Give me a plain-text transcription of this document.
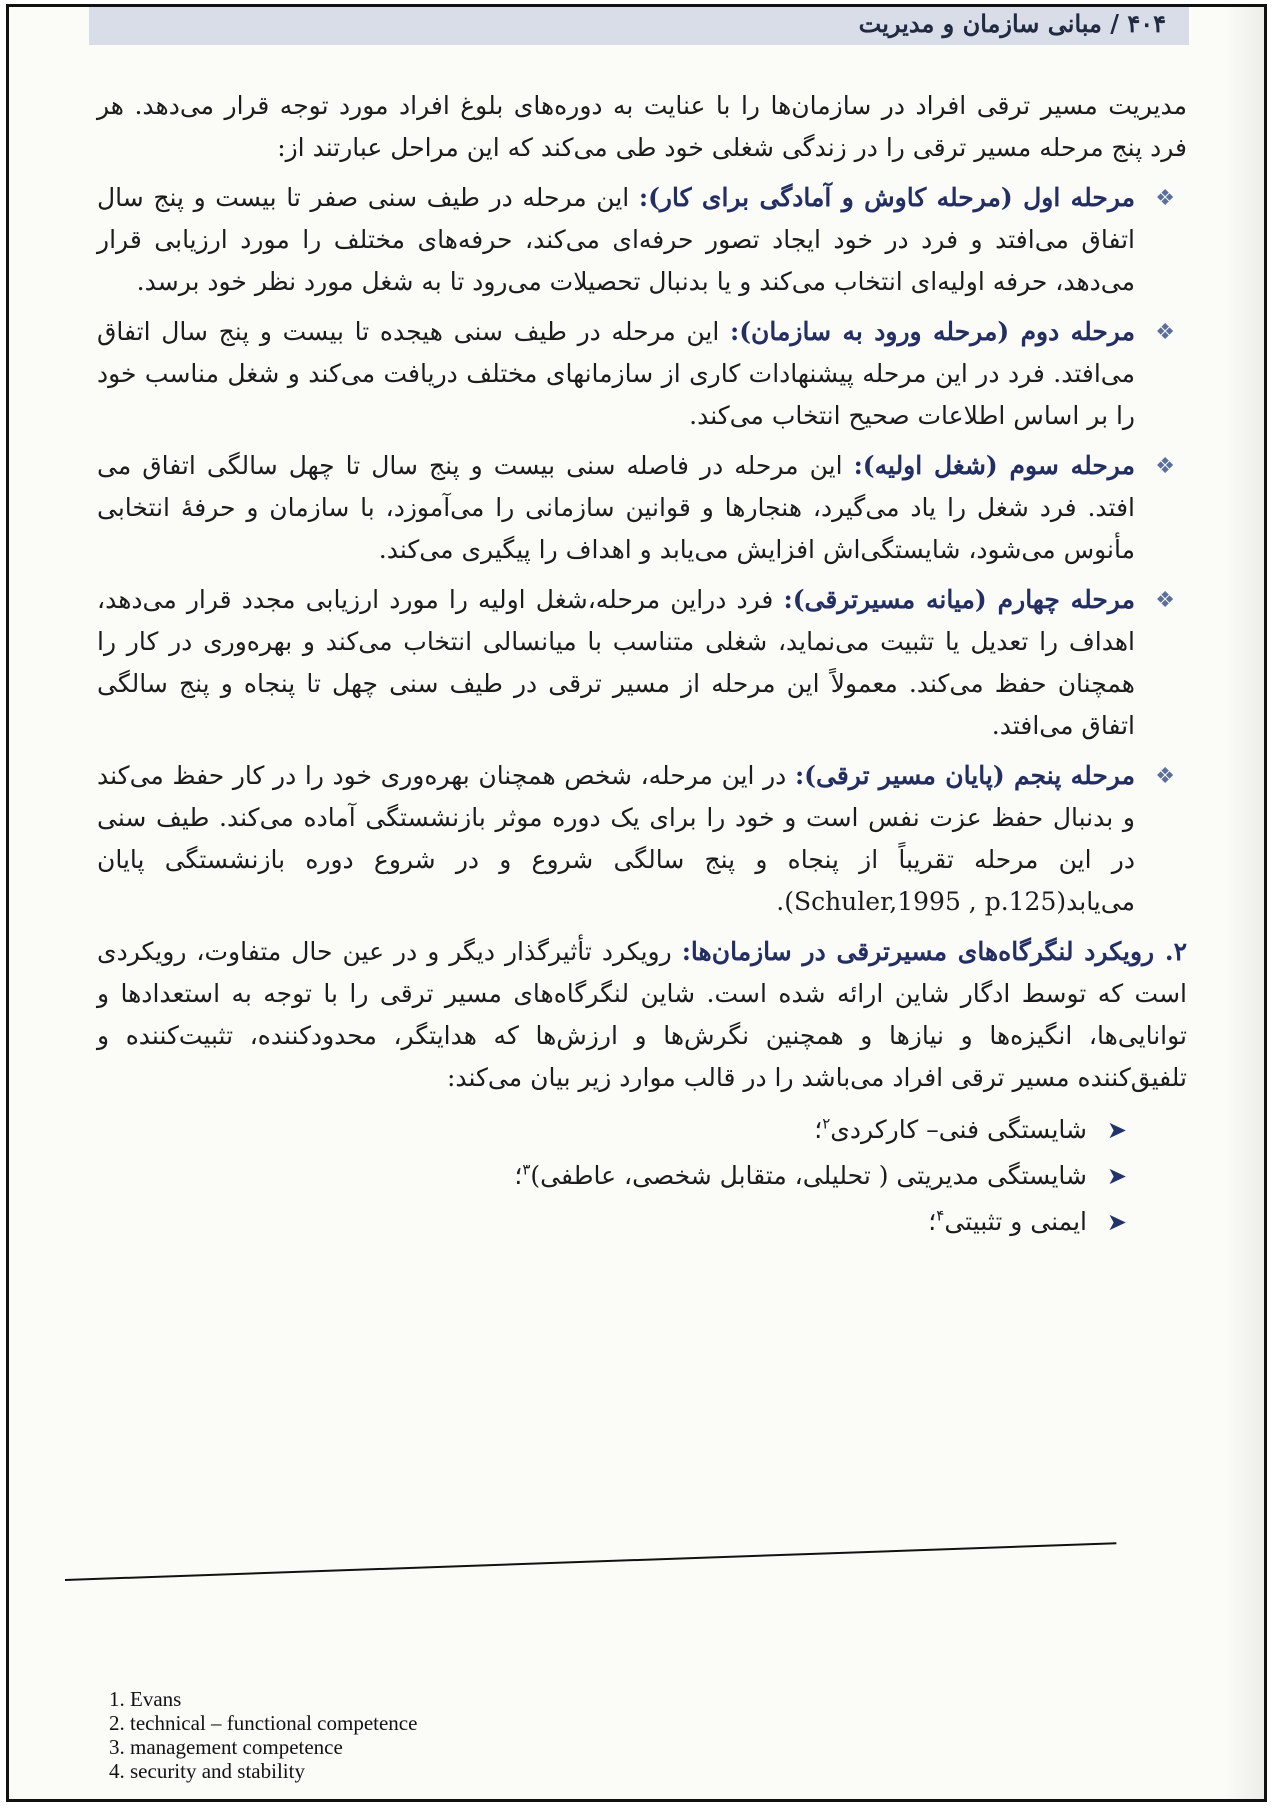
۴۰۴ / مبانی سازمان و مدیریت

مدیریت مسیر ترقی افراد در سازمان‌ها را با عنایت به دوره‌های بلوغ افراد مورد توجه قرار می‌دهد. هر فرد پنج مرحله مسیر ترقی را در زندگی شغلی خود طی می‌کند که این مراحل عبارتند از:

❖
مرحله اول (مرحله کاوش و آمادگی برای کار): این مرحله در طیف سنی صفر تا بیست و پنج سال اتفاق می‌افتد و فرد در خود ایجاد تصور حرفه‌ای می‌کند، حرفه‌های مختلف را مورد ارزیابی قرار می‌دهد، حرفه اولیه‌ای انتخاب می‌کند و یا بدنبال تحصیلات می‌رود تا به شغل مورد نظر خود برسد.
❖
مرحله دوم (مرحله ورود به سازمان): این مرحله در طیف سنی هیجده تا بیست و پنج سال اتفاق می‌افتد. فرد در این مرحله پیشنهادات کاری از سازمانهای مختلف دریافت می‌کند و شغل مناسب خود را بر اساس اطلاعات صحیح انتخاب می‌کند.
❖
مرحله سوم (شغل اولیه): این مرحله در فاصله سنی بیست و پنج سال تا چهل سالگی اتفاق می افتد. فرد شغل را یاد می‌گیرد، هنجارها و قوانین سازمانی را می‌آموزد، با سازمان و حرفهٔ انتخابی مأنوس می‌شود، شایستگی‌اش افزایش می‌یابد و اهداف را پیگیری می‌کند.
❖
مرحله چهارم (میانه مسیرترقی): فرد دراین مرحله،شغل اولیه را مورد ارزیابی مجدد قرار می‌دهد، اهداف را تعدیل یا تثبیت می‌نماید، شغلی متناسب با میانسالی انتخاب می‌کند و بهره‌وری در کار را همچنان حفظ می‌کند. معمولاً این مرحله از مسیر ترقی در طیف سنی چهل تا پنجاه و پنج سالگی اتفاق می‌افتد.
❖
مرحله پنجم (پایان مسیر ترقی): در این مرحله، شخص همچنان بهره‌وری خود را در کار حفظ می‌کند و بدنبال حفظ عزت نفس است و خود را برای یک دوره موثر بازنشستگی آماده می‌کند. طیف سنی در این مرحله تقریباً از پنجاه و پنج سالگی شروع و در شروع دوره بازنشستگی پایان می‌یابد(Schuler,1995 , p.125).

۲. رویکرد لنگرگاه‌های مسیرترقی در سازمان‌ها: رویکرد تأثیرگذار دیگر و در عین حال متفاوت، رویکردی است که توسط ادگار شاین ارائه شده است. شاین لنگرگاه‌های مسیر ترقی را با توجه به استعدادها و توانایی‌ها، انگیزه‌ها و نیازها و همچنین نگرش‌ها و ارزش‌ها که هدایتگر، محدودکننده، تثبیت‌کننده و تلفیق‌کننده مسیر ترقی افراد می‌باشد را در قالب موارد زیر بیان می‌کند:

➤
شایستگی فنی– کارکردی$^۲$؛
➤
شایستگی مدیریتی ( تحلیلی، متقابل شخصی، عاطفی)$^۳$؛
➤
ایمنی و تثبیتی$^۴$؛
1. Evans
2. technical – functional competence
3. management competence
4. security and stability
